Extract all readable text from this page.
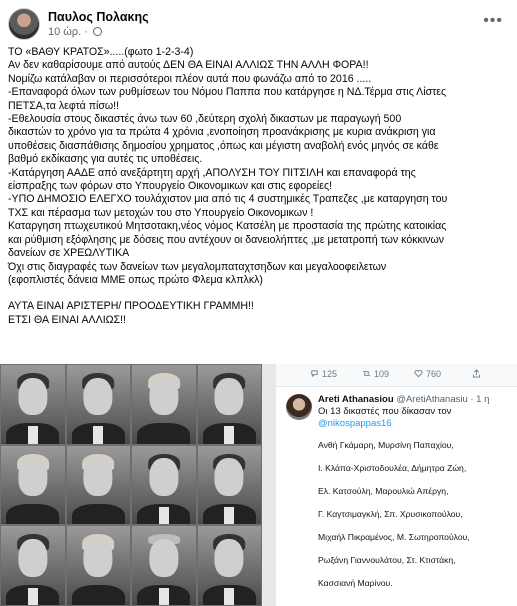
Παυλος Πολακης
10 ώρ. ·
•••

ΤΟ «ΒΑΘΥ ΚΡΑΤΟΣ».....(φωτο 1-2-3-4)

Αν δεν καθαρίσουμε από αυτούς ΔΕΝ ΘΑ ΕΙΝΑΙ ΑΛΛΙΩΣ ΤΗΝ ΑΛΛΗ ΦΟΡΑ!!

Νομίζω κατάλαβαν οι περισσότεροι πλέον αυτά που φωνάζω από το 2016 .....

-Επαναφορά όλων των ρυθμίσεων του Νόμου Παππα που κατάργησε η ΝΔ.Τέρμα στις Λίστες

ΠΕΤΣΑ,τα λεφτά πίσω!!

-Εθελουσία στους δικαστές άνω των 60 ,δεύτερη σχολή δικαστων με παραγωγή 500

δικαστών το χρόνο για τα πρώτα 4 χρόνια ,ενοποίηση προανάκρισης με κυρια ανάκριση για

υποθέσεις διασπάθισης δημοσίου χρηματος ,όπως και μέγιστη αναβολή ενός μηνός σε κάθε

βαθμό εκδίκασης για αυτές τις υποθέσεις.

-Κατάργηση ΑΑΔΕ από ανεξάρτητη αρχή ,ΑΠΟΛΥΣΗ ΤΟΥ ΠΙΤΣΙΛΗ και επαναφορά της

είσπραξης των φόρων στο Υπουργείο Οικονομικων και στις εφορείες!

-ΥΠΟ ΔΗΜΟΣΙΟ ΕΛΕΓΧΟ τουλάχιστον μια από τις 4 συστημικές Τραπεζες ,με καταργηση του

ΤΧΣ και πέρασμα των μετοχών του στο Υπουργείο Οικονομικων !

Καταργηση πτωχευτικού Μητσοτακη,νέος νόμος Κατσέλη με προστασία της πρώτης κατοικίας

και ρύθμιση εξόφλησης με δόσεις που αντέχουν οι δανειολήπτες ,με μετατροπή των κόκκινων

δανείων σε ΧΡΕΩΛΥΤΙΚΑ

Όχι στις διαγραφές των δανείων των μεγαλομπαταχτσηδων και μεγαλοοφειλετων

(εφοπλιστές δάνεια ΜΜΕ οπως πρώτο Φλεμα κλπλκλ)

ΑΥΤΑ ΕΙΝΑΙ ΑΡΙΣΤΕΡΗ/ ΠΡΟΟΔΕΥΤΙΚΗ ΓΡΑΜΜΗ!!

ΕΤΣΙ ΘΑ ΕΙΝΑΙ ΑΛΛΙΩΣ!!

125	109	760
Areti Athanasiou @AretiAthanasiu · 1 η
Οι 13 δικαστές που δίκασαν τον
@nikospappas16

Ανθή Γκάμαρη, Μυρσίνη Παπαχίου,

Ι. Κλάπα-Χριστοδουλέα, Δήμητρα Ζώη,

Ελ. Κατσούλη, Μαρουλιώ Απέργη,

Γ. Καγτσιμαγκλή, Σπ. Χρυσικοπούλου,

Μιχαήλ Πικραμένος, Μ. Σωτηροπούλου,

Ρωξάνη Γιαννουλάτου, Στ. Κτιστάκη,

Κασσιανή Μαρίνου.
